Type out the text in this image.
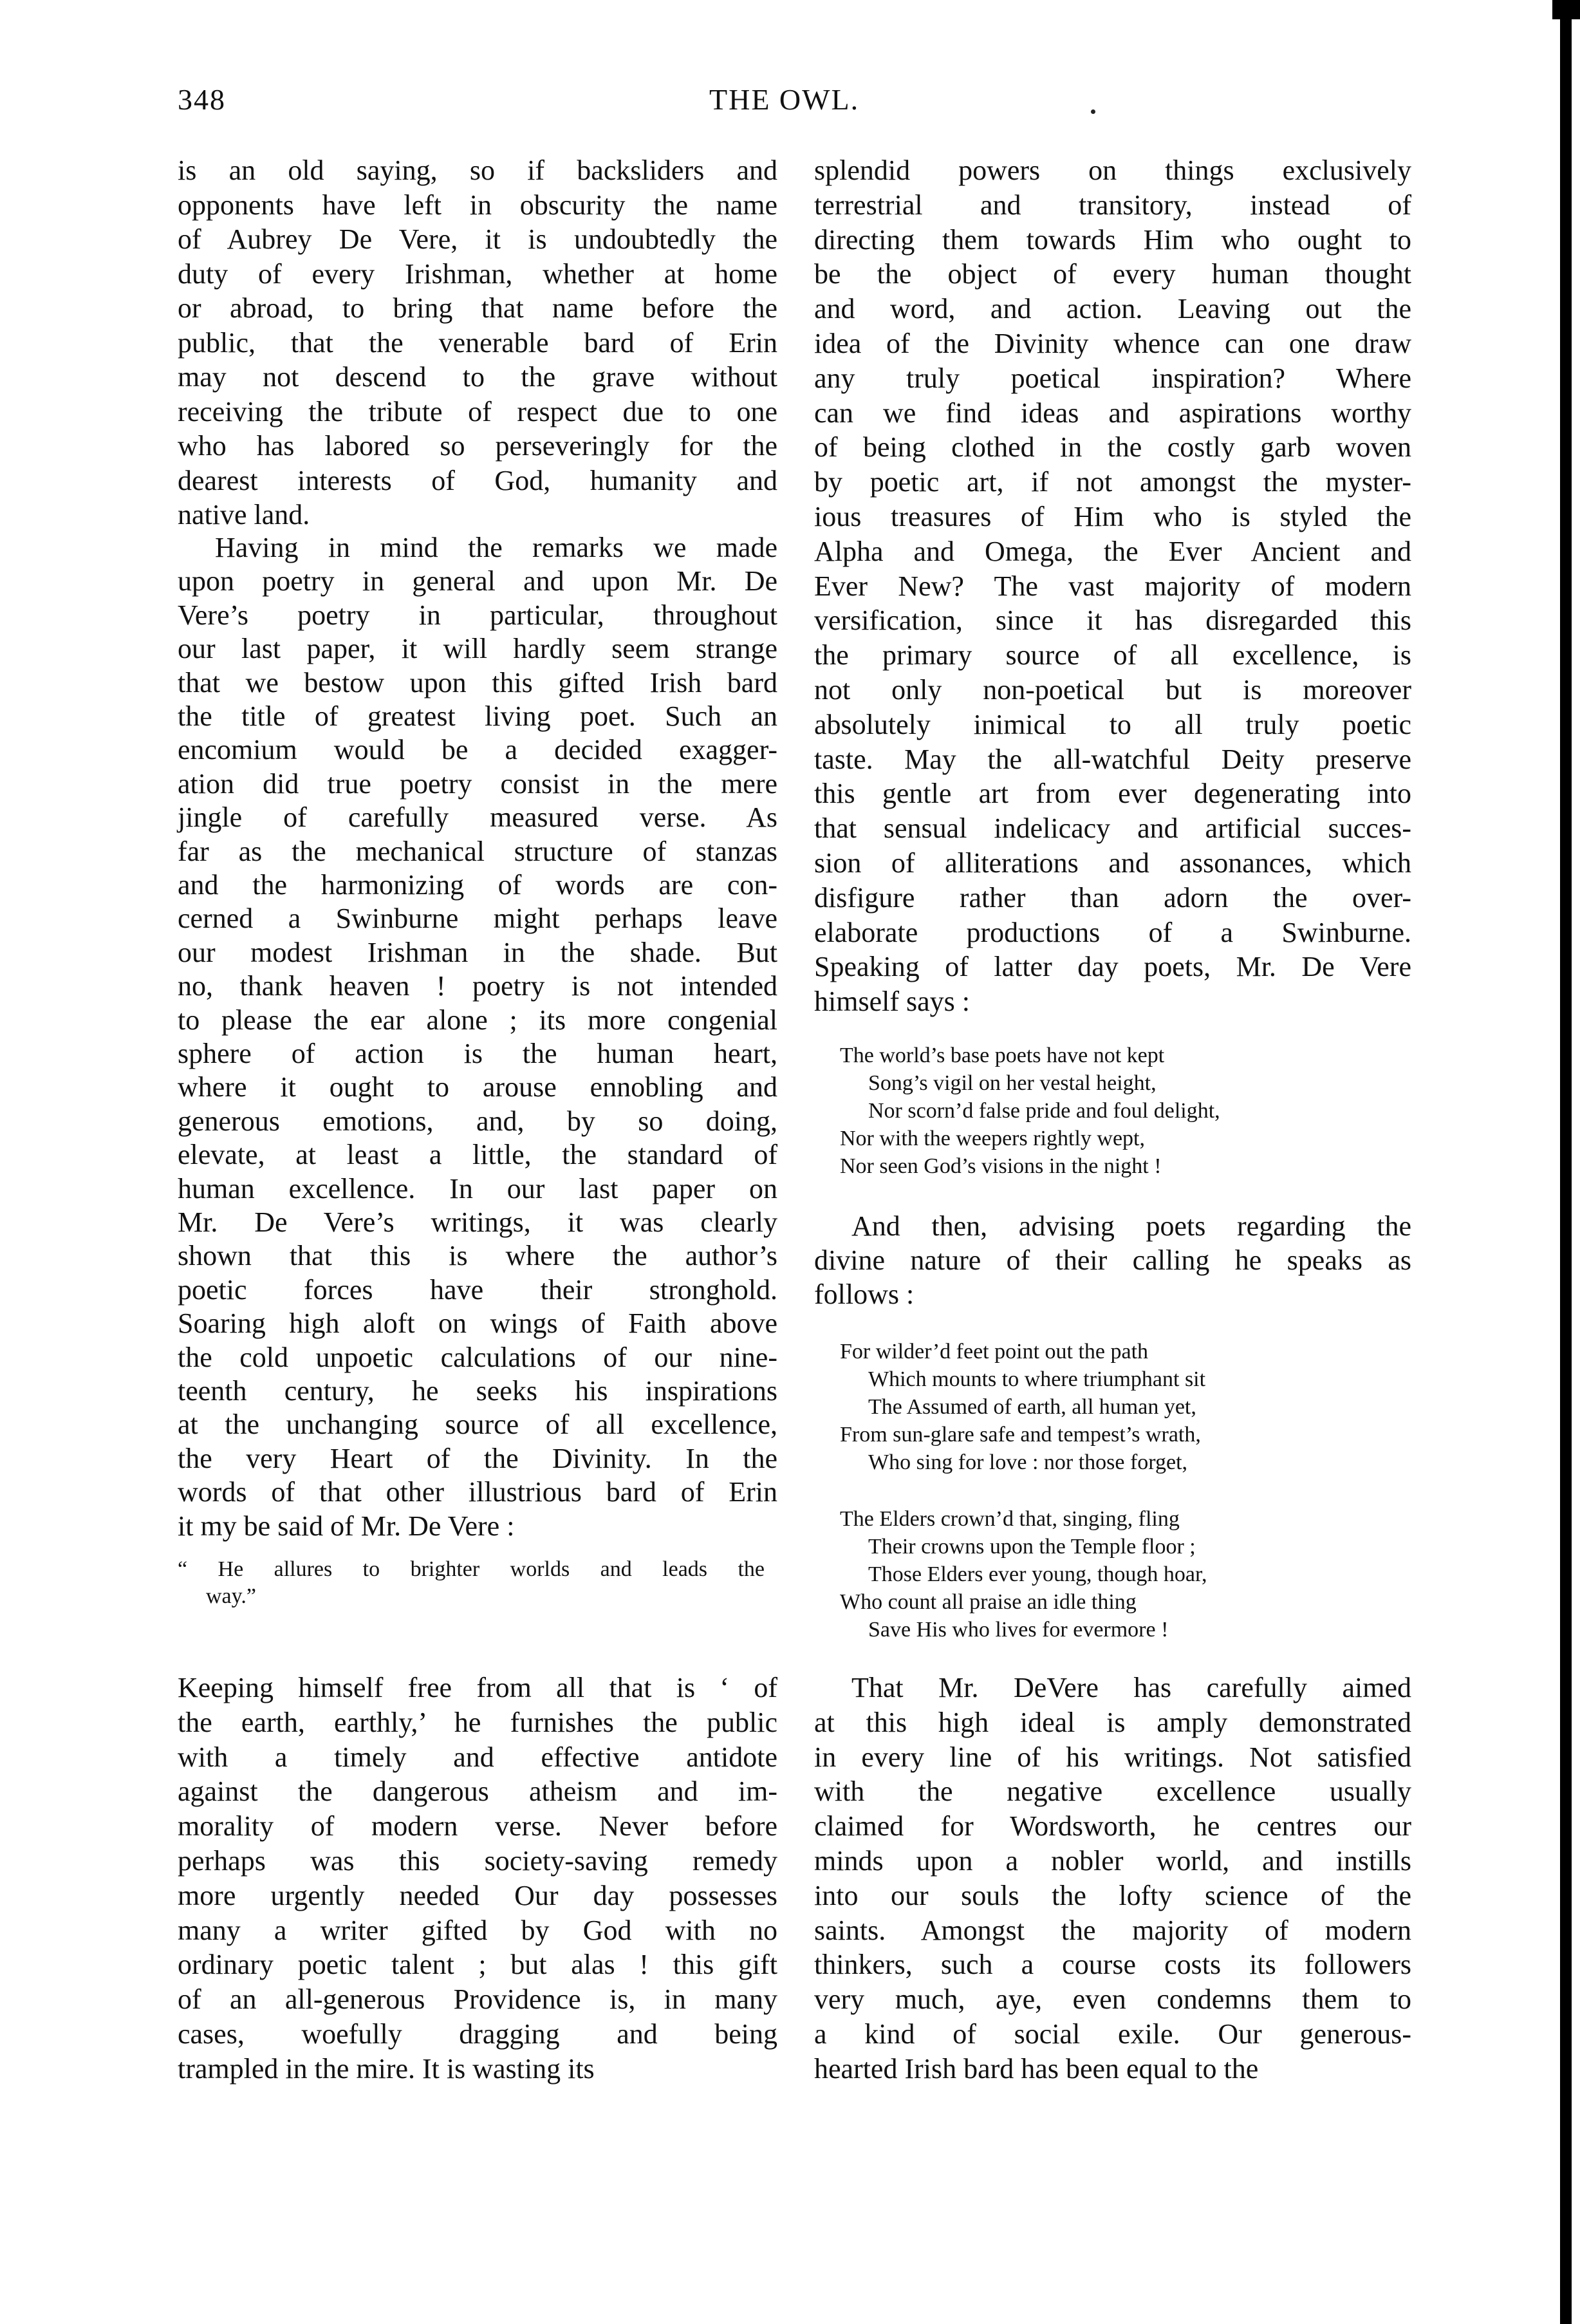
348	THE OWL.
is an old saying, so if backsliders and
opponents have left in obscurity the name
of Aubrey De Vere, it is undoubtedly the
duty of every Irishman, whether at home
or abroad, to bring that name before the
public, that the venerable bard of Erin
may not descend to the grave without
receiving the tribute of respect due to one
who has labored so perseveringly for the
dearest interests of God, humanity and
native land.
Having in mind the remarks we made
upon poetry in general and upon Mr. De
Vere’s poetry in particular, throughout
our last paper, it will hardly seem strange
that we bestow upon this gifted Irish bard
the title of greatest living poet. Such an
encomium would be a decided exagger-
ation did true poetry consist in the mere
jingle of carefully measured verse. As
far as the mechanical structure of stanzas
and the harmonizing of words are con-
cerned a Swinburne might perhaps leave
our modest Irishman in the shade. But
no, thank heaven ! poetry is not intended
to please the ear alone ; its more congenial
sphere of action is the human heart,
where it ought to arouse ennobling and
generous emotions, and, by so doing,
elevate, at least a little, the standard of
human excellence. In our last paper on
Mr. De Vere’s writings, it was clearly
shown that this is where the author’s
poetic forces have their stronghold.
Soaring high aloft on wings of Faith above
the cold unpoetic calculations of our nine-
teenth century, he seeks his inspirations
at the unchanging source of all excellence,
the very Heart of the Divinity. In the
words of that other illustrious bard of Erin
it my be said of Mr. De Vere :
“ He allures to brighter worlds and leads the
way.”
Keeping himself free from all that is ‘ of
the earth, earthly,’ he furnishes the public
with a timely and effective antidote
against the dangerous atheism and im-
morality of modern verse. Never before
perhaps was this society-saving remedy
more urgently needed Our day possesses
many a writer gifted by God with no
ordinary poetic talent ; but alas ! this gift
of an all-generous Providence is, in many
cases, woefully dragging and being
trampled in the mire. It is wasting its
splendid powers on things exclusively
terrestrial and transitory, instead of
directing them towards Him who ought to
be the object of every human thought
and word, and action. Leaving out the
idea of the Divinity whence can one draw
any truly poetical inspiration? Where
can we find ideas and aspirations worthy
of being clothed in the costly garb woven
by poetic art, if not amongst the myster-
ious treasures of Him who is styled the
Alpha and Omega, the Ever Ancient and
Ever New? The vast majority of modern
versification, since it has disregarded this
the primary source of all excellence, is
not only non-poetical but is moreover
absolutely inimical to all truly poetic
taste. May the all-watchful Deity preserve
this gentle art from ever degenerating into
that sensual indelicacy and artificial succes-
sion of alliterations and assonances, which
disfigure rather than adorn the over-
elaborate productions of a Swinburne.
Speaking of latter day poets, Mr. De Vere
himself says :
The world’s base poets have not kept
Song’s vigil on her vestal height,
Nor scorn’d false pride and foul delight,
Nor with the weepers rightly wept,
Nor seen God’s visions in the night !
And then, advising poets regarding the
divine nature of their calling he speaks as
follows :
For wilder’d feet point out the path
Which mounts to where triumphant sit
The Assumed of earth, all human yet,
From sun-glare safe and tempest’s wrath,
Who sing for love : nor those forget,
The Elders crown’d that, singing, fling
Their crowns upon the Temple floor ;
Those Elders ever young, though hoar,
Who count all praise an idle thing
Save His who lives for evermore !
That Mr. DeVere has carefully aimed
at this high ideal is amply demonstrated
in every line of his writings. Not satisfied
with the negative excellence usually
claimed for Wordsworth, he centres our
minds upon a nobler world, and instills
into our souls the lofty science of the
saints. Amongst the majority of modern
thinkers, such a course costs its followers
very much, aye, even condemns them to
a kind of social exile. Our generous-
hearted Irish bard has been equal to the
